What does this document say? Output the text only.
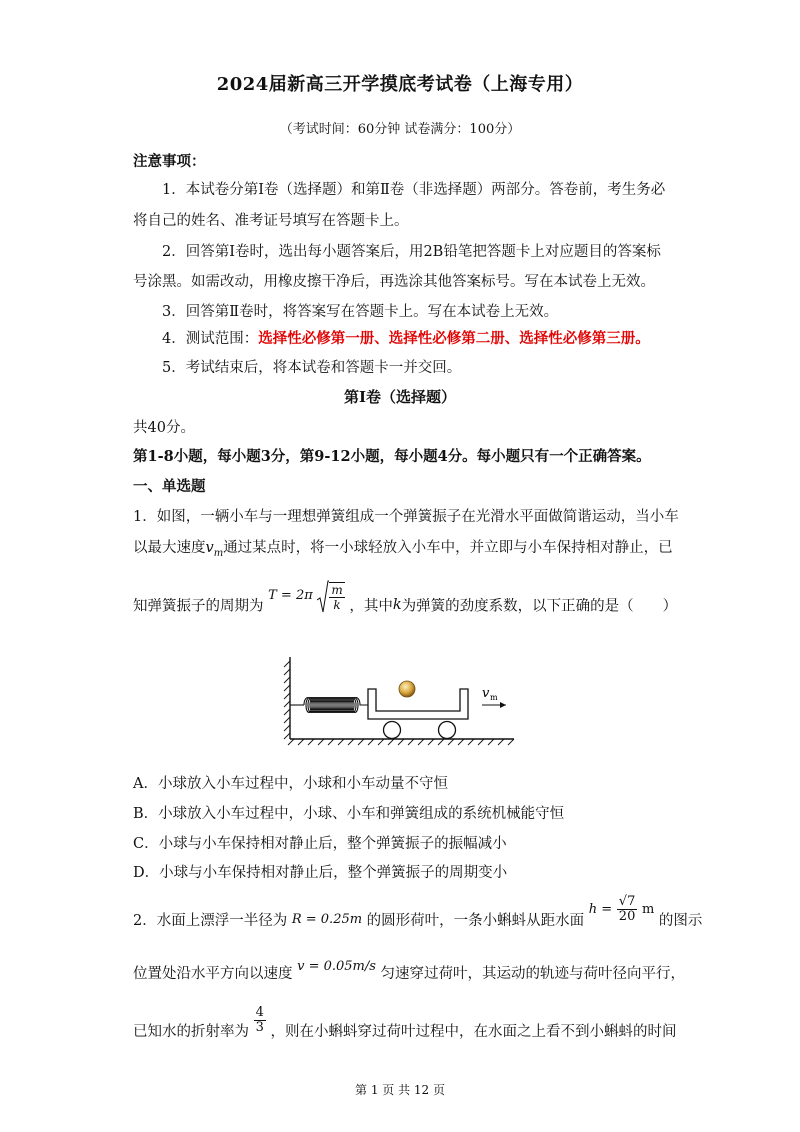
2024届新高三开学摸底考试卷（上海专用）
（考试时间：60分钟 试卷满分：100分）
注意事项：
1．本试卷分第Ⅰ卷（选择题）和第Ⅱ卷（非选择题）两部分。答卷前，考生务必
将自己的姓名、准考证号填写在答题卡上。
2．回答第Ⅰ卷时，选出每小题答案后，用2B铅笔把答题卡上对应题目的答案标
号涂黑。如需改动，用橡皮擦干净后，再选涂其他答案标号。写在本试卷上无效。
3．回答第Ⅱ卷时，将答案写在答题卡上。写在本试卷上无效。
4．测试范围：选择性必修第一册、选择性必修第二册、选择性必修第三册。
5．考试结束后，将本试卷和答题卡一并交回。
第Ⅰ卷（选择题）
共40分。
第1-8小题，每小题3分，第9-12小题，每小题4分。每小题只有一个正确答案。
一、单选题
1．如图，一辆小车与一理想弹簧组成一个弹簧振子在光滑水平面做简谐运动，当小车
以最大速度$v_m$通过某点时，将一小球轻放入小车中，并立即与小车保持相对静止，已
知弹簧振子的周期为 $T = 2\pi \frac{m}{k}$ ，其中k为弹簧的劲度系数，以下正确的是（　　）
v m
A．小球放入小车过程中，小球和小车动量不守恒
B．小球放入小车过程中，小球、小车和弹簧组成的系统机械能守恒
C．小球与小车保持相对静止后，整个弹簧振子的振幅减小
D．小球与小车保持相对静止后，整个弹簧振子的周期变小
2．水面上漂浮一半径为 R = 0.25m 的圆形荷叶，一条小蝌蚪从距水面 $h = \frac{√7}{20}$ m 的图示
位置处沿水平方向以速度 v = 0.05m/s 匀速穿过荷叶，其运动的轨迹与荷叶径向平行，
已知水的折射率为 $\frac{4}{3}$ ，则在小蝌蚪穿过荷叶过程中，在水面之上看不到小蝌蚪的时间
第 1 页 共 12 页
